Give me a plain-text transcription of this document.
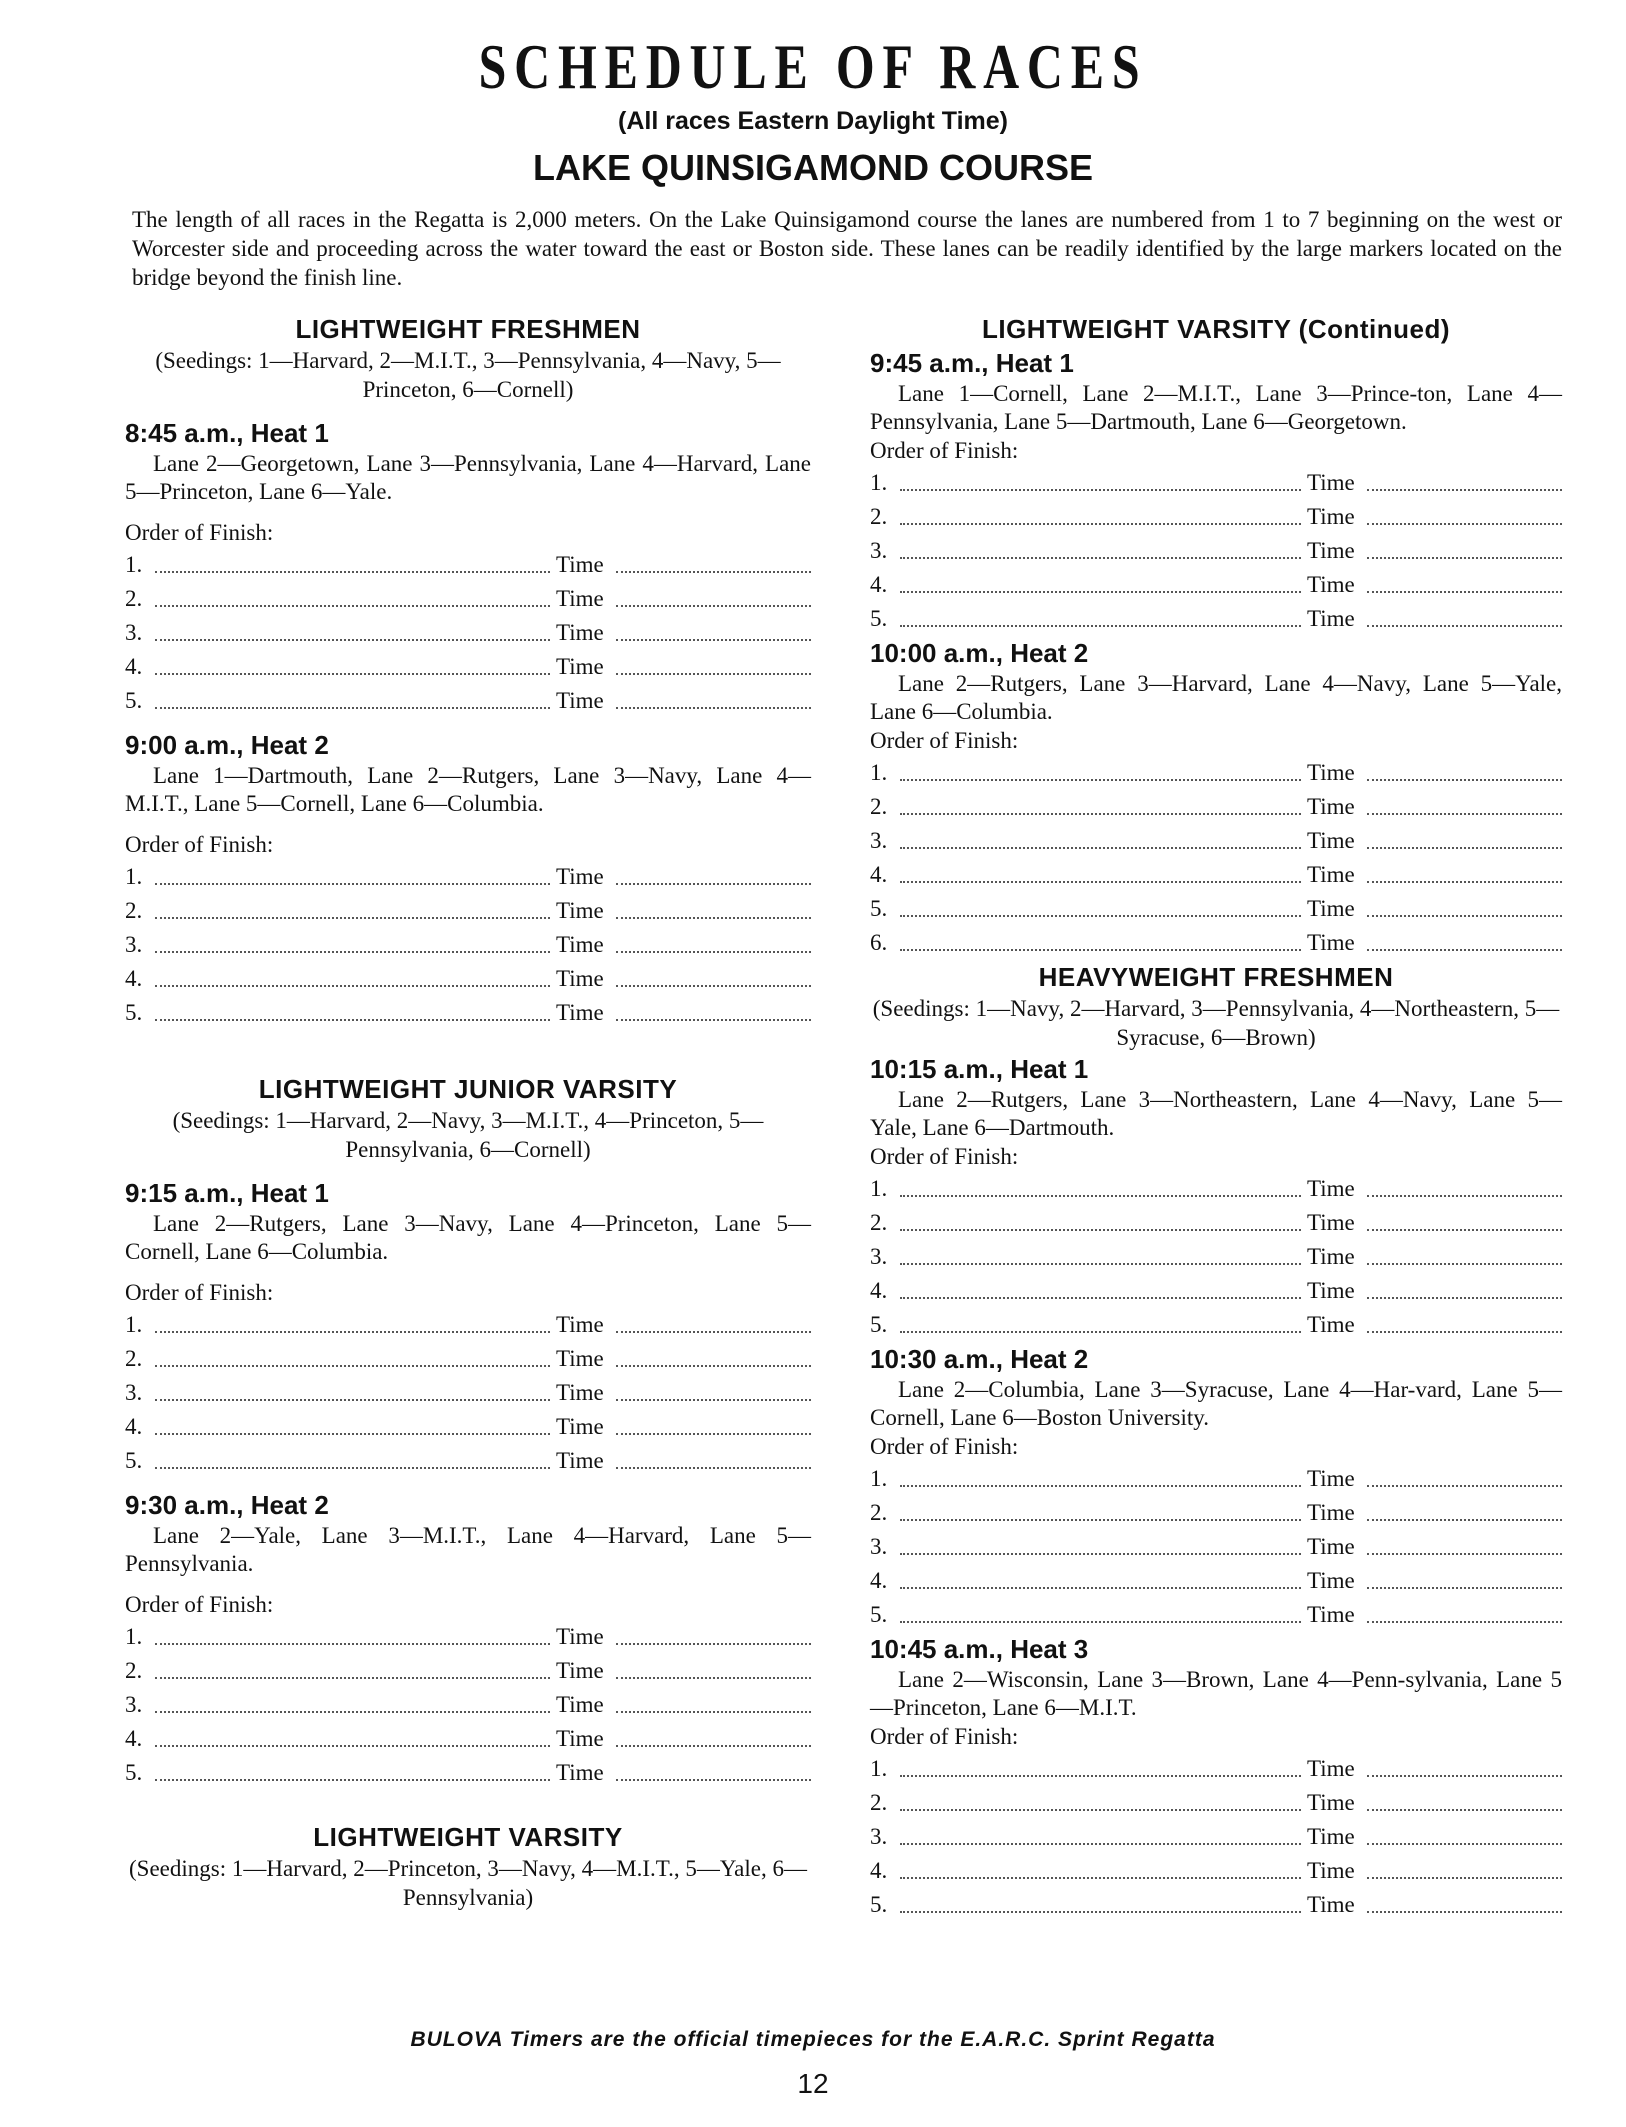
SCHEDULE OF RACES
(All races Eastern Daylight Time)
LAKE QUINSIGAMOND COURSE
The length of all races in the Regatta is 2,000 meters. On the Lake Quinsigamond course the lanes are numbered from 1 to 7 beginning on the west or Worcester side and proceeding across the water toward the east or Boston side. These lanes can be readily identified by the large markers located on the bridge beyond the finish line.
LIGHTWEIGHT FRESHMEN
(Seedings: 1—Harvard, 2—M.I.T., 3—Pennsylvania, 4—Navy, 5—Princeton, 6—Cornell)
8:45 a.m., Heat 1
Lane 2—Georgetown, Lane 3—Pennsylvania, Lane 4—Harvard, Lane 5—Princeton, Lane 6—Yale.
Order of Finish:
1.	Time
2.	Time
3.	Time
4.	Time
5.	Time
9:00 a.m., Heat 2
Lane 1—Dartmouth, Lane 2—Rutgers, Lane 3—Navy, Lane 4—M.I.T., Lane 5—Cornell, Lane 6—Columbia.
Order of Finish:
1.	Time
2.	Time
3.	Time
4.	Time
5.	Time
LIGHTWEIGHT JUNIOR VARSITY
(Seedings: 1—Harvard, 2—Navy, 3—M.I.T., 4—Princeton, 5—Pennsylvania, 6—Cornell)
9:15 a.m., Heat 1
Lane 2—Rutgers, Lane 3—Navy, Lane 4—Princeton, Lane 5—Cornell, Lane 6—Columbia.
Order of Finish:
1.	Time
2.	Time
3.	Time
4.	Time
5.	Time
9:30 a.m., Heat 2
Lane 2—Yale, Lane 3—M.I.T., Lane 4—Harvard, Lane 5—Pennsylvania.
Order of Finish:
1.	Time
2.	Time
3.	Time
4.	Time
5.	Time
LIGHTWEIGHT VARSITY
(Seedings: 1—Harvard, 2—Princeton, 3—Navy, 4—M.I.T., 5—Yale, 6—Pennsylvania)
LIGHTWEIGHT VARSITY (Continued)
9:45 a.m., Heat 1
Lane 1—Cornell, Lane 2—M.I.T., Lane 3—Prince-ton, Lane 4—Pennsylvania, Lane 5—Dartmouth, Lane 6—Georgetown.
Order of Finish:
1.	Time
2.	Time
3.	Time
4.	Time
5.	Time
10:00 a.m., Heat 2
Lane 2—Rutgers, Lane 3—Harvard, Lane 4—Navy, Lane 5—Yale, Lane 6—Columbia.
Order of Finish:
1.	Time
2.	Time
3.	Time
4.	Time
5.	Time
6.	Time
HEAVYWEIGHT FRESHMEN
(Seedings: 1—Navy, 2—Harvard, 3—Pennsylvania, 4—Northeastern, 5—Syracuse, 6—Brown)
10:15 a.m., Heat 1
Lane 2—Rutgers, Lane 3—Northeastern, Lane 4—Navy, Lane 5—Yale, Lane 6—Dartmouth.
Order of Finish:
1.	Time
2.	Time
3.	Time
4.	Time
5.	Time
10:30 a.m., Heat 2
Lane 2—Columbia, Lane 3—Syracuse, Lane 4—Har-vard, Lane 5—Cornell, Lane 6—Boston University.
Order of Finish:
1.	Time
2.	Time
3.	Time
4.	Time
5.	Time
10:45 a.m., Heat 3
Lane 2—Wisconsin, Lane 3—Brown, Lane 4—Penn-sylvania, Lane 5—Princeton, Lane 6—M.I.T.
Order of Finish:
1.	Time
2.	Time
3.	Time
4.	Time
5.	Time
BULOVA Timers are the official timepieces for the E.A.R.C. Sprint Regatta
12
